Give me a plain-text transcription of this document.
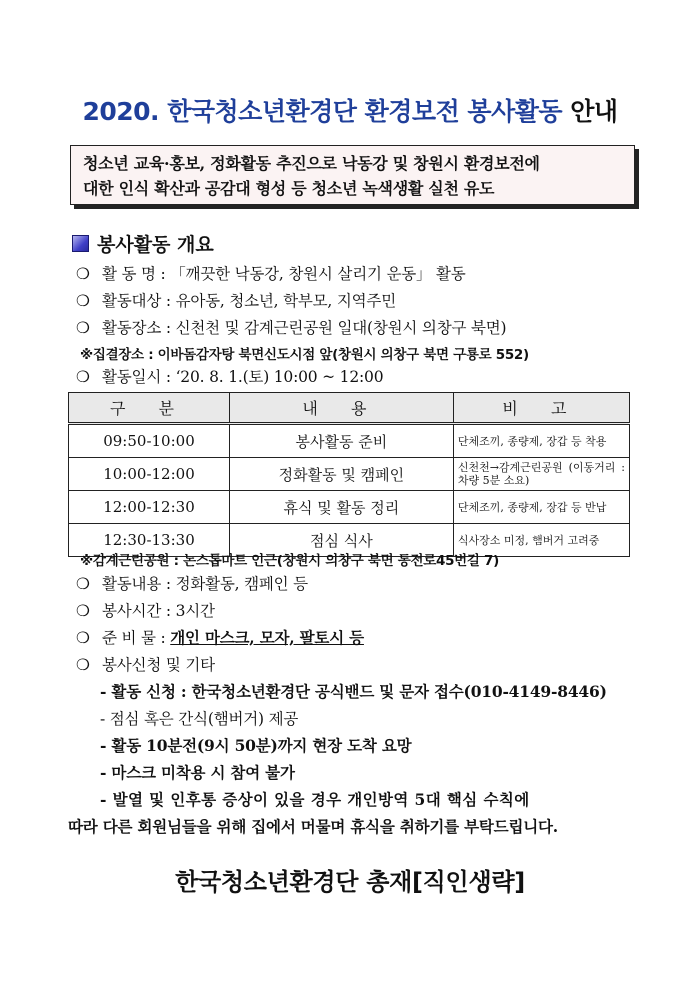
2020. 한국청소년환경단 환경보전 봉사활동 안내
청소년 교육·홍보, 정화활동 추진으로 낙동강 및 창원시 환경보전에
대한 인식 확산과 공감대 형성 등 청소년 녹색생활 실천 유도
봉사활동 개요
❍ 활 동 명 : 「깨끗한 낙동강, 창원시 살리기 운동」 활동
❍ 활동대상 : 유아동, 청소년, 학부모, 지역주민
❍ 활동장소 : 신천천 및 감계근린공원 일대(창원시 의창구 북면)
※집결장소 : 이바돔감자탕 북면신도시점 앞(창원시 의창구 북면 구룡로 552)
❍ 활동일시 : ‘20. 8. 1.(토) 10:00 ~ 12:00
구 분	내 용	비 고
09:50-10:00	봉사활동 준비	단체조끼, 종량제, 장갑 등 착용
10:00-12:00	정화활동 및 캠페인	신천천→감계근린공원 (이동거리 : 차량 5분 소요)
12:00-12:30	휴식 및 활동 정리	단체조끼, 종량제, 장갑 등 반납
12:30-13:30	점심 식사	식사장소 미정, 햄버거 고려중
※감계근린공원 : 논스톱마트 인근(창원시 의창구 북면 동전로45번길 7)
❍ 활동내용 : 정화활동, 캠페인 등
❍ 봉사시간 : 3시간
❍ 준 비 물 : 개인 마스크, 모자, 팔토시 등
❍ 봉사신청 및 기타
- 활동 신청 : 한국청소년환경단 공식밴드 및 문자 접수(010-4149-8446)
- 점심 혹은 간식(햄버거) 제공
- 활동 10분전(9시 50분)까지 현장 도착 요망
- 마스크 미착용 시 참여 불가
- 발열 및 인후통 증상이 있을 경우 개인방역 5대 핵심 수칙에
따라 다른 회원님들을 위해 집에서 머물며 휴식을 취하기를 부탁드립니다.
한국청소년환경단 총재[직인생략]
